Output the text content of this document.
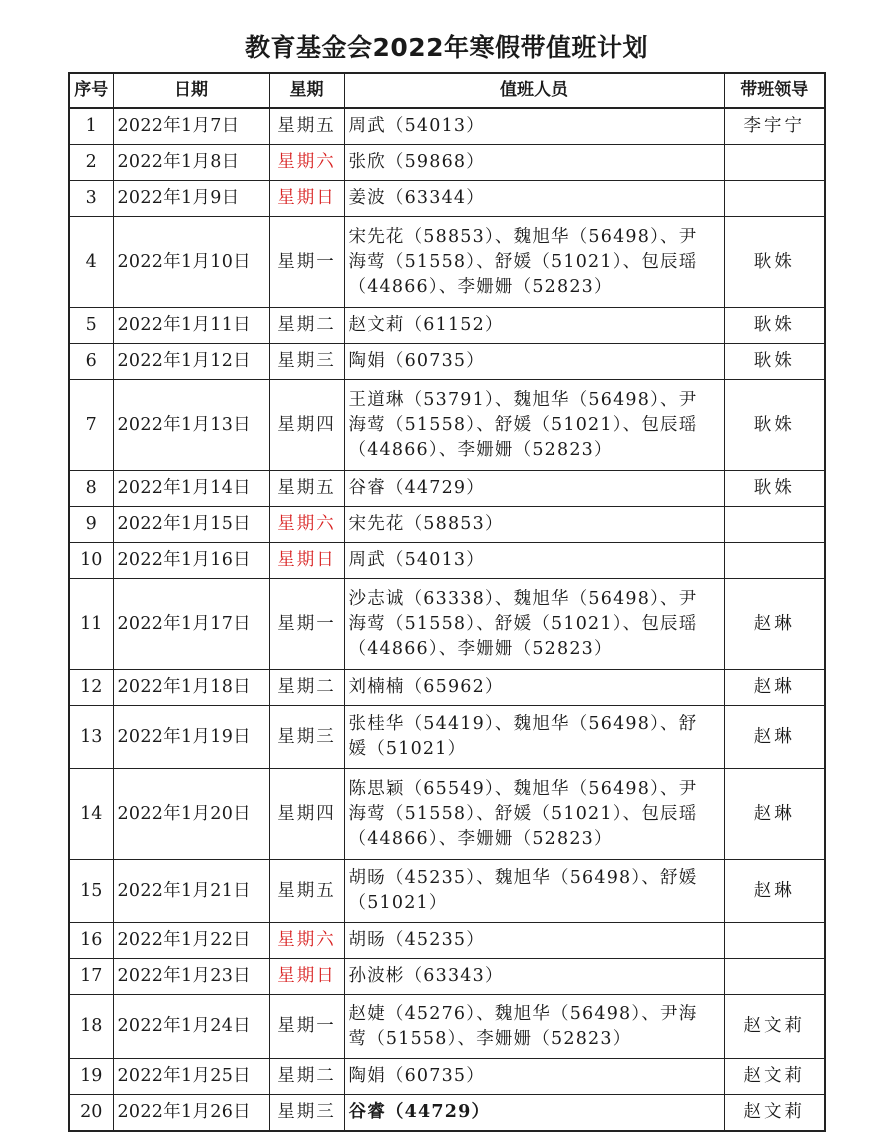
教育基金会2022年寒假带值班计划
序号	日期	星期	值班人员	带班领导
1	2022年1月7日	星期五	周武（54013）	李宇宁
2	2022年1月8日	星期六	张欣（59868）	
3	2022年1月9日	星期日	姜波（63344）	
4	2022年1月10日	星期一	宋先花（58853）、魏旭华（56498）、尹海莺（51558）、舒媛（51021）、包辰瑶（44866）、李姗姗（52823）	耿姝
5	2022年1月11日	星期二	赵文莉（61152）	耿姝
6	2022年1月12日	星期三	陶娟（60735）	耿姝
7	2022年1月13日	星期四	王道琳（53791）、魏旭华（56498）、尹海莺（51558）、舒媛（51021）、包辰瑶（44866）、李姗姗（52823）	耿姝
8	2022年1月14日	星期五	谷睿（44729）	耿姝
9	2022年1月15日	星期六	宋先花（58853）	
10	2022年1月16日	星期日	周武（54013）	
11	2022年1月17日	星期一	沙志诚（63338）、魏旭华（56498）、尹海莺（51558）、舒媛（51021）、包辰瑶（44866）、李姗姗（52823）	赵琳
12	2022年1月18日	星期二	刘楠楠（65962）	赵琳
13	2022年1月19日	星期三	张桂华（54419）、魏旭华（56498）、舒媛（51021）	赵琳
14	2022年1月20日	星期四	陈思颖（65549）、魏旭华（56498）、尹海莺（51558）、舒媛（51021）、包辰瑶（44866）、李姗姗（52823）	赵琳
15	2022年1月21日	星期五	胡旸（45235）、魏旭华（56498）、舒媛（51021）	赵琳
16	2022年1月22日	星期六	胡旸（45235）	
17	2022年1月23日	星期日	孙波彬（63343）	
18	2022年1月24日	星期一	赵婕（45276）、魏旭华（56498）、尹海莺（51558）、李姗姗（52823）	赵文莉
19	2022年1月25日	星期二	陶娟（60735）	赵文莉
20	2022年1月26日	星期三	谷睿（44729）	赵文莉
